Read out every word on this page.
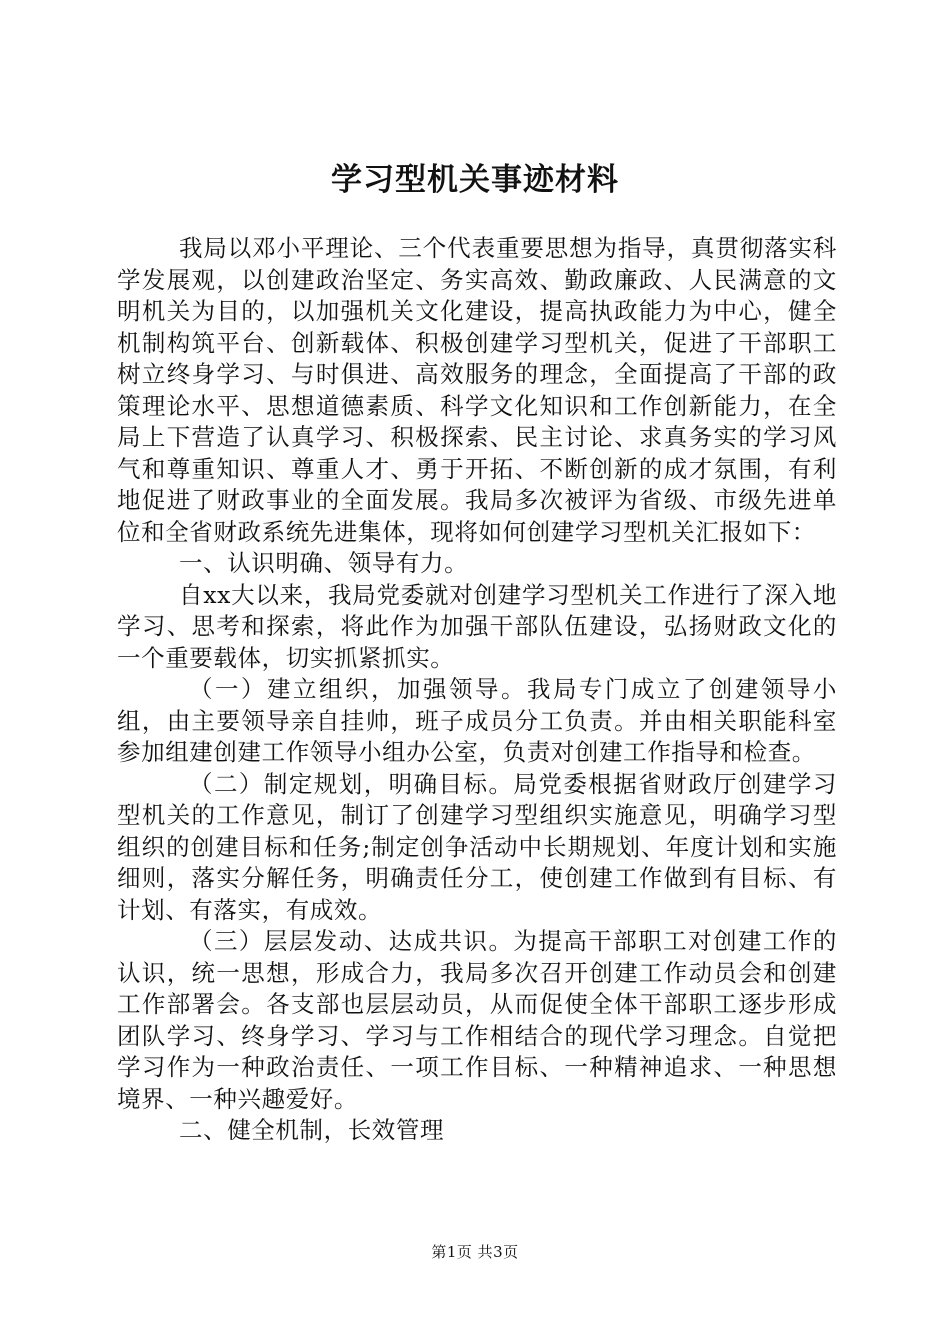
学习型机关事迹材料

我局以邓小平理论、三个代表重要思想为指导，真贯彻落实科学发展观，以创建政治坚定、务实高效、勤政廉政、人民满意的文明机关为目的，以加强机关文化建设，提高执政能力为中心，健全机制构筑平台、创新载体、积极创建学习型机关，促进了干部职工树立终身学习、与时俱进、高效服务的理念，全面提高了干部的政策理论水平、思想道德素质、科学文化知识和工作创新能力，在全局上下营造了认真学习、积极探索、民主讨论、求真务实的学习风气和尊重知识、尊重人才、勇于开拓、不断创新的成才氛围，有利地促进了财政事业的全面发展。我局多次被评为省级、市级先进单位和全省财政系统先进集体，现将如何创建学习型机关汇报如下：

一、认识明确、领导有力。

自xx大以来，我局党委就对创建学习型机关工作进行了深入地学习、思考和探索，将此作为加强干部队伍建设，弘扬财政文化的一个重要载体，切实抓紧抓实。

（一）建立组织，加强领导。我局专门成立了创建领导小组，由主要领导亲自挂帅，班子成员分工负责。并由相关职能科室参加组建创建工作领导小组办公室，负责对创建工作指导和检查。

（二）制定规划，明确目标。局党委根据省财政厅创建学习型机关的工作意见，制订了创建学习型组织实施意见，明确学习型组织的创建目标和任务;制定创争活动中长期规划、年度计划和实施细则，落实分解任务，明确责任分工，使创建工作做到有目标、有计划、有落实，有成效。

（三）层层发动、达成共识。为提高干部职工对创建工作的认识，统一思想，形成合力，我局多次召开创建工作动员会和创建工作部署会。各支部也层层动员，从而促使全体干部职工逐步形成团队学习、终身学习、学习与工作相结合的现代学习理念。自觉把学习作为一种政治责任、一项工作目标、一种精神追求、一种思想境界、一种兴趣爱好。

二、健全机制，长效管理

第1页 共3页
